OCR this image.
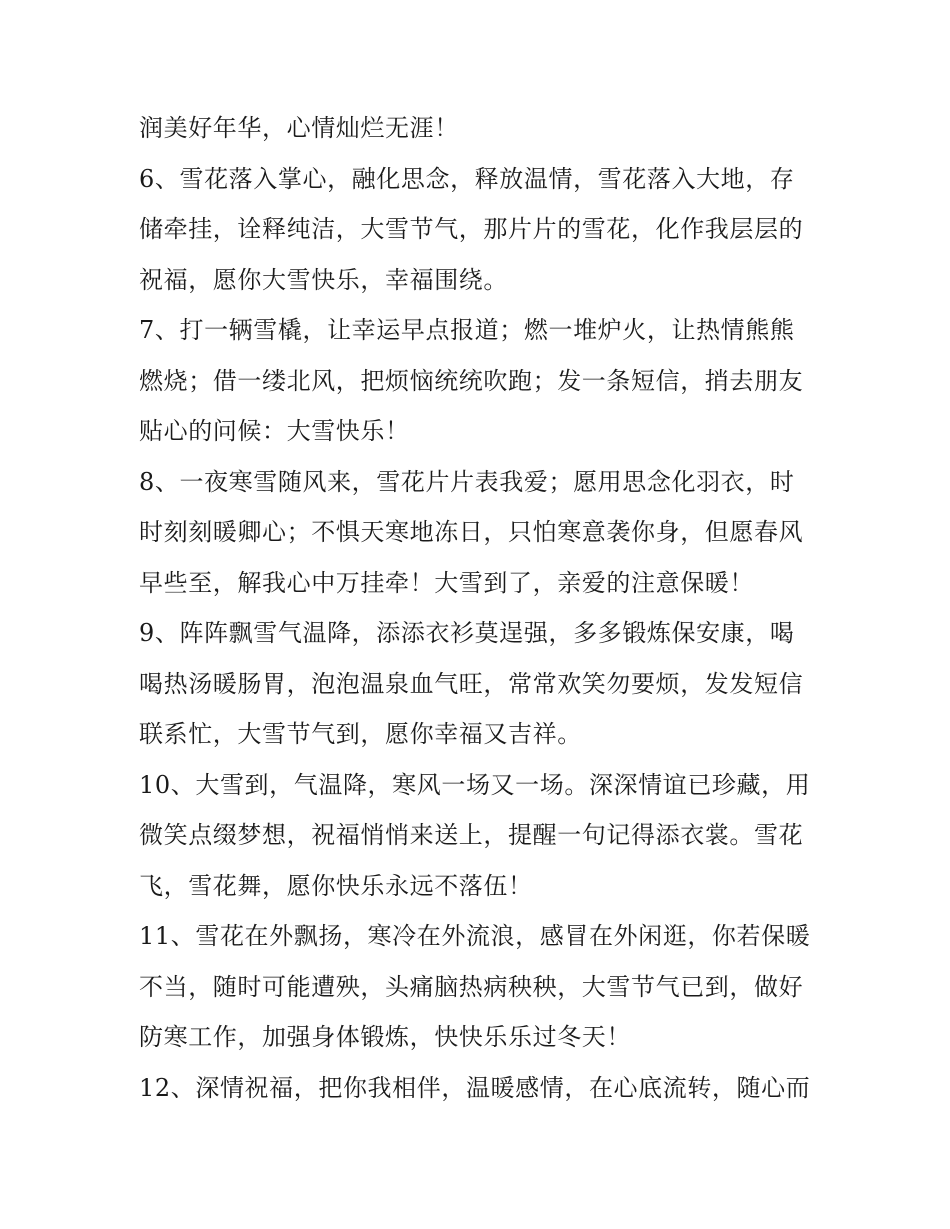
润美好年华，心情灿烂无涯！
6、雪花落入掌心，融化思念，释放温情，雪花落入大地，存
储牵挂，诠释纯洁，大雪节气，那片片的雪花，化作我层层的
祝福，愿你大雪快乐，幸福围绕。
7、打一辆雪橇，让幸运早点报道；燃一堆炉火，让热情熊熊
燃烧；借一缕北风，把烦恼统统吹跑；发一条短信，捎去朋友
贴心的问候：大雪快乐！
8、一夜寒雪随风来，雪花片片表我爱；愿用思念化羽衣，时
时刻刻暖卿心；不惧天寒地冻日，只怕寒意袭你身，但愿春风
早些至，解我心中万挂牵！大雪到了，亲爱的注意保暖！
9、阵阵飘雪气温降，添添衣衫莫逞强，多多锻炼保安康，喝
喝热汤暖肠胃，泡泡温泉血气旺，常常欢笑勿要烦，发发短信
联系忙，大雪节气到，愿你幸福又吉祥。
10、大雪到，气温降，寒风一场又一场。深深情谊已珍藏，用
微笑点缀梦想，祝福悄悄来送上，提醒一句记得添衣裳。雪花
飞，雪花舞，愿你快乐永远不落伍！
11、雪花在外飘扬，寒冷在外流浪，感冒在外闲逛，你若保暖
不当，随时可能遭殃，头痛脑热病秧秧，大雪节气已到，做好
防寒工作，加强身体锻炼，快快乐乐过冬天！
12、深情祝福，把你我相伴，温暖感情，在心底流转，随心而
